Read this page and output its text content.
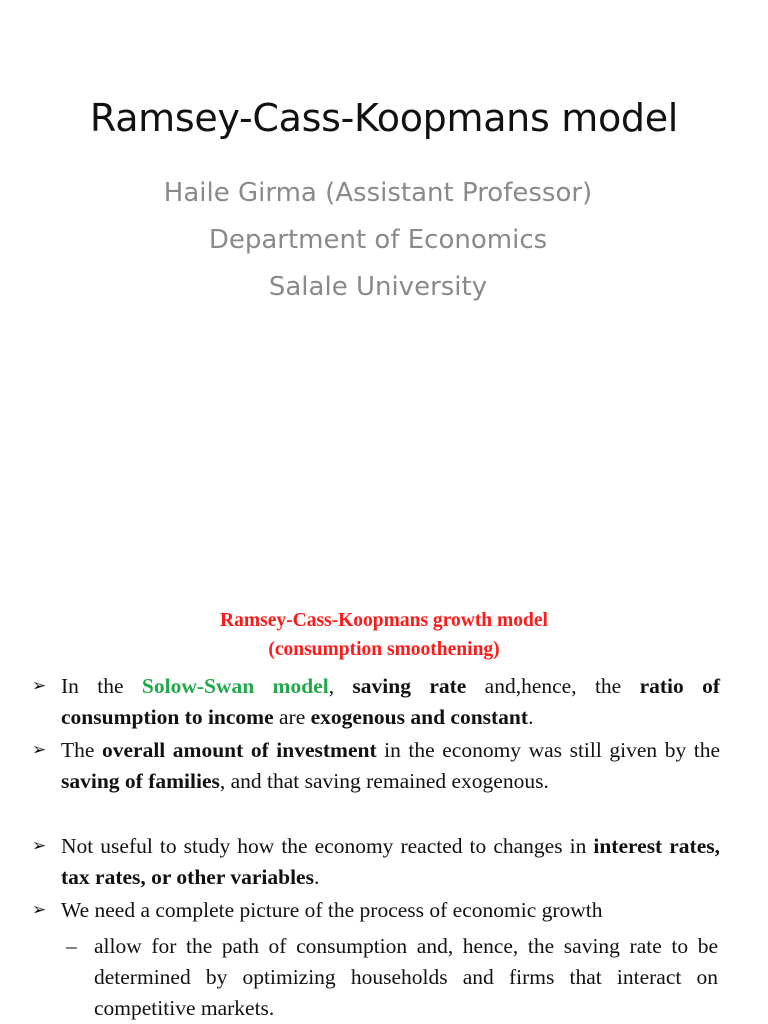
Ramsey-Cass-Koopmans model
Haile Girma (Assistant Professor)
Department of Economics
Salale University
Ramsey-Cass-Koopmans growth model
(consumption smoothening)
➢ In the Solow-Swan model, saving rate and,hence, the ratio of consumption to income are exogenous and constant.
➢ The overall amount of investment in the economy was still given by the saving of families, and that saving remained exogenous.
➢ Not useful to study how the economy reacted to changes in interest rates, tax rates, or other variables.
➢ We need a complete picture of the process of economic growth
– allow for the path of consumption and, hence, the saving rate to be determined by optimizing households and firms that interact on competitive markets.
